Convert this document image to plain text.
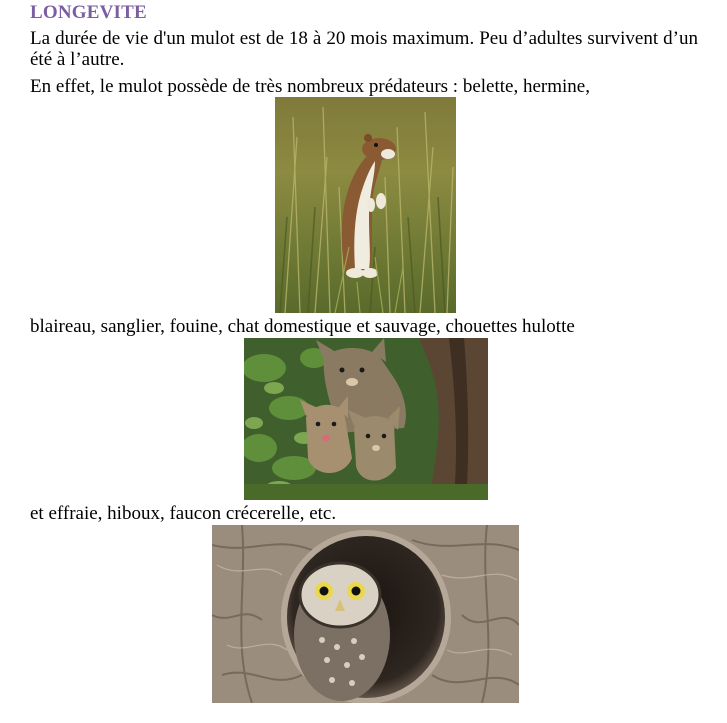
LONGEVITE
La durée de vie d'un mulot est de 18 à 20 mois maximum. Peu d’adultes survivent d’un été à l’autre.
En effet, le mulot possède de très nombreux prédateurs : belette, hermine,
blaireau, sanglier, fouine, chat domestique et sauvage, chouettes hulotte
et effraie, hiboux, faucon crécerelle, etc.
